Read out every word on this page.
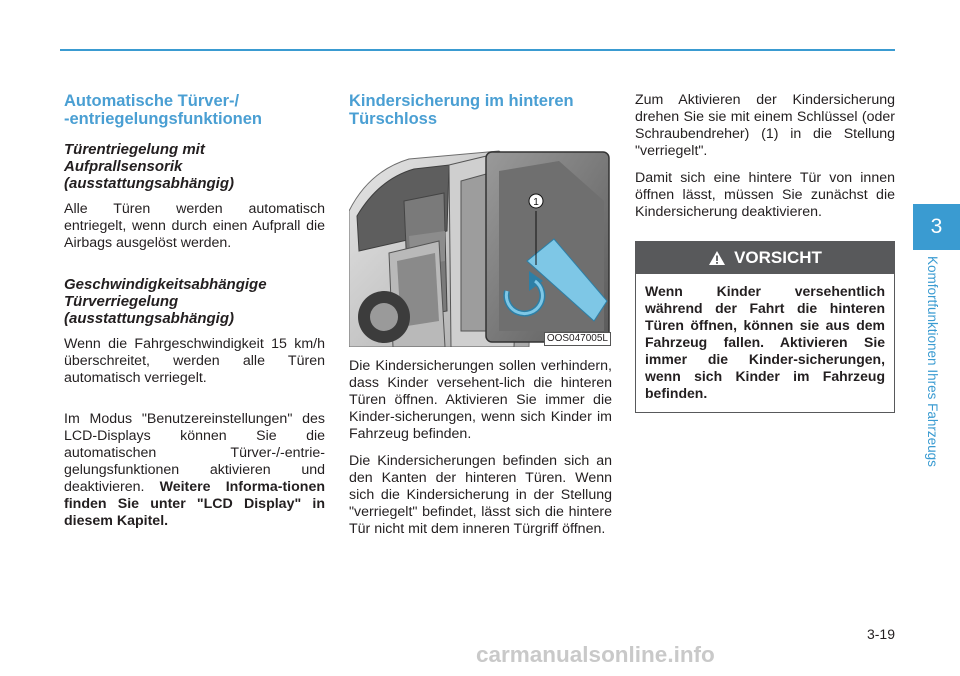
Automatische Türver-/
-entriegelungsfunktionen
Türentriegelung mit
Aufprallsensorik
(ausstattungsabhängig)

Alle Türen werden automatisch entriegelt, wenn durch einen Aufprall die Airbags ausgelöst werden.

Geschwindigkeitsabhängige
Türverriegelung
(ausstattungsabhängig)

Wenn die Fahrgeschwindigkeit 15 km/h überschreitet, werden alle Türen automatisch verriegelt.

Im Modus "Benutzereinstellungen" des LCD-Displays können Sie die automatischen Türver-/-entrie-gelungsfunktionen aktivieren und deaktivieren. Weitere Informa-tionen finden Sie unter "LCD Display" in diesem Kapitel.

Kindersicherung im hinteren
Türschloss
1
OOS047005L

Die Kindersicherungen sollen verhindern, dass Kinder versehent-lich die hinteren Türen öffnen. Aktivieren Sie immer die Kinder-sicherungen, wenn sich Kinder im Fahrzeug befinden.

Die Kindersicherungen befinden sich an den Kanten der hinteren Türen. Wenn sich die Kindersicherung in der Stellung "verriegelt" befindet, lässt sich die hintere Tür nicht mit dem inneren Türgriff öffnen.

Zum Aktivieren der Kindersicherung drehen Sie sie mit einem Schlüssel (oder Schraubendreher) (1) in die Stellung "verriegelt".

Damit sich eine hintere Tür von innen öffnen lässt, müssen Sie zunächst die Kindersicherung deaktivieren.

VORSICHT
Wenn Kinder versehentlich während der Fahrt die hinteren Türen öffnen, können sie aus dem Fahrzeug fallen. Aktivieren Sie immer die Kinder-sicherungen, wenn sich Kinder im Fahrzeug befinden.
3
Komfortfunktionen Ihres Fahrzeugs
3-19
carmanualsonline.info
